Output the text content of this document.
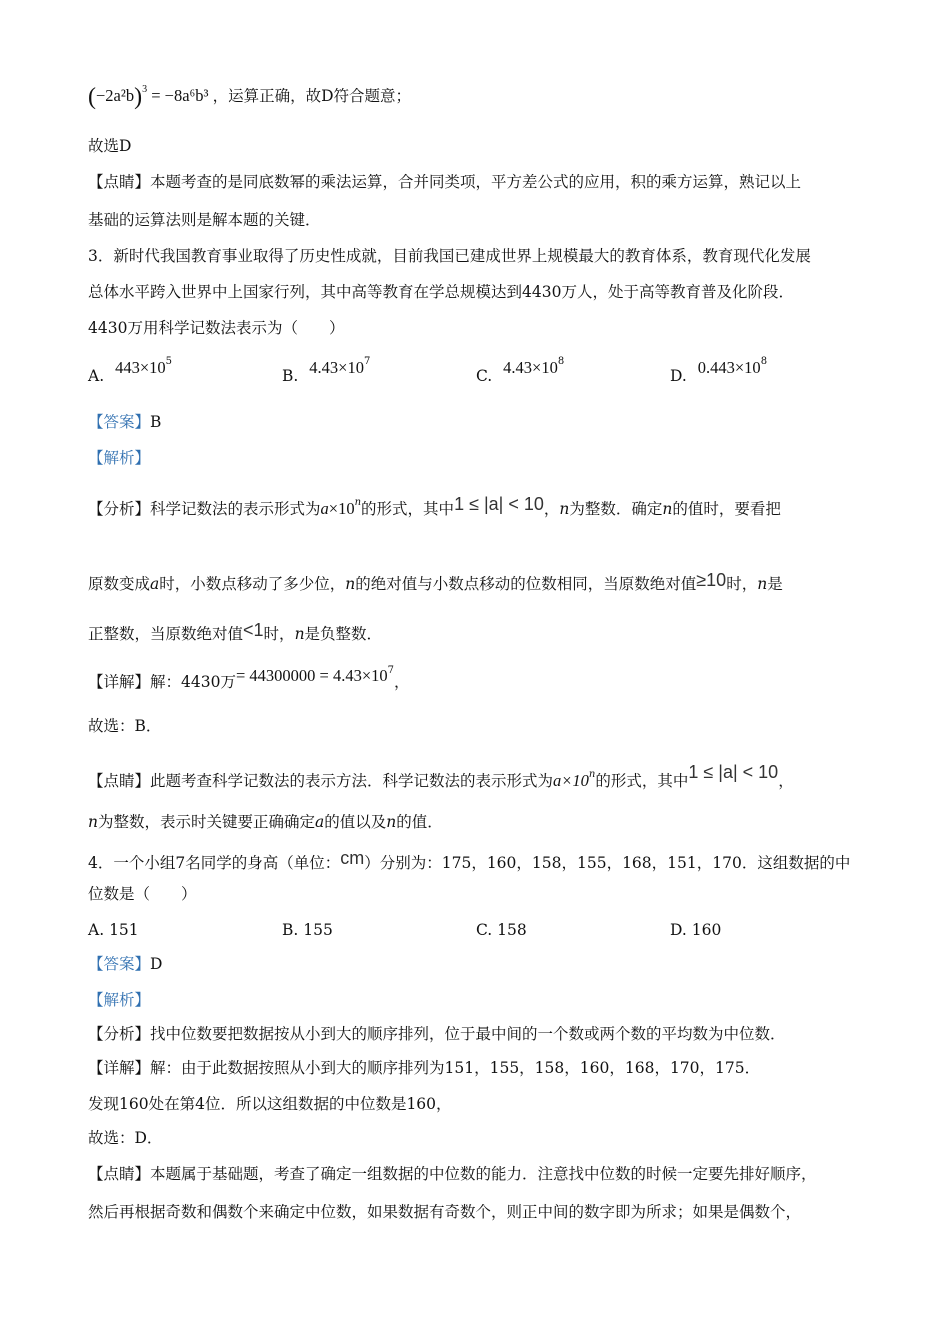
$(-2a^2b)^3 = -8a^6b^3$ ，运算正确，故D符合题意；
故选D
【点睛】本题考查的是同底数幂的乘法运算，合并同类项，平方差公式的应用，积的乘方运算，熟记以上
基础的运算法则是解本题的关键．
3．新时代我国教育事业取得了历史性成就，目前我国已建成世界上规模最大的教育体系，教育现代化发展
总体水平跨入世界中上国家行列，其中高等教育在学总规模达到4430万人，处于高等教育普及化阶段．
4430万用科学记数法表示为（　　）
A. $443\times 10^5$
B. $4.43\times 10^7$
C. $4.43\times 10^8$
D. $0.443\times 10^8$
【答案】B
【解析】
【分析】科学记数法的表示形式为$a\times 10^n$的形式，其中1 ≤ |a| < 10，n为整数．确定n的值时，要看把
原数变成a时，小数点移动了多少位，n的绝对值与小数点移动的位数相同，当原数绝对值≥10时，n是
正整数，当原数绝对值<1时，n是负整数．
【详解】解：4430万= $44300000 = 4.43\times 10^7$，
故选：B．
【点睛】此题考查科学记数法的表示方法．科学记数法的表示形式为$a\times 10^n$的形式，其中1 ≤ |a| < 10，
n为整数，表示时关键要正确确定a的值以及n的值．
4．一个小组7名同学的身高（单位：cm）分别为：175，160，158，155，168，151，170．这组数据的中
位数是（　　）
A. 151	B. 155	C. 158	D. 160
【答案】D
【解析】
【分析】找中位数要把数据按从小到大的顺序排列，位于最中间的一个数或两个数的平均数为中位数．
【详解】解：由于此数据按照从小到大的顺序排列为151，155，158，160，168，170，175．
发现160处在第4位．所以这组数据的中位数是160，
故选：D．
【点睛】本题属于基础题，考查了确定一组数据的中位数的能力．注意找中位数的时候一定要先排好顺序，
然后再根据奇数和偶数个来确定中位数，如果数据有奇数个，则正中间的数字即为所求；如果是偶数个，
